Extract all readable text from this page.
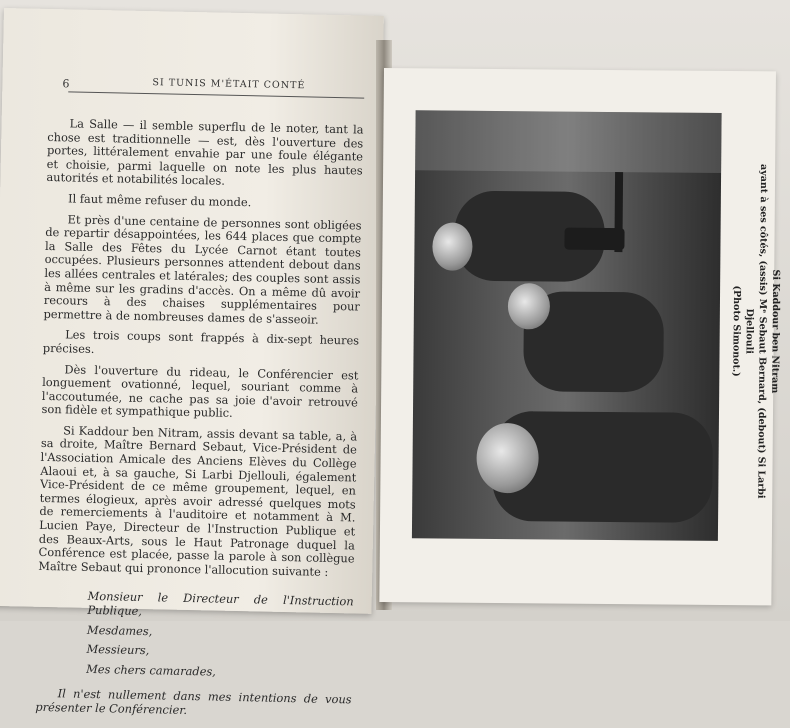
6	SI TUNIS M'ÉTAIT CONTÉ

La Salle — il semble superflu de le noter, tant la chose est traditionnelle — est, dès l'ouverture des portes, littéralement envahie par une foule élégante et choisie, parmi laquelle on note les plus hautes autorités et notabilités locales.

Il faut même refuser du monde.

Et près d'une centaine de personnes sont obligées de repartir désappointées, les 644 places que compte la Salle des Fêtes du Lycée Carnot étant toutes occupées. Plusieurs personnes attendent debout dans les allées centrales et latérales; des couples sont assis à même sur les gradins d'accès. On a même dû avoir recours à des chaises supplémentaires pour permettre à de nombreuses dames de s'asseoir.

Les trois coups sont frappés à dix-sept heures précises.

Dès l'ouverture du rideau, le Conférencier est longuement ovationné, lequel, souriant comme à l'accoutumée, ne cache pas sa joie d'avoir retrouvé son fidèle et sympathique public.

Si Kaddour ben Nitram, assis devant sa table, a, à sa droite, Maître Bernard Sebaut, Vice-Président de l'Association Amicale des Anciens Elèves du Collège Alaoui et, à sa gauche, Si Larbi Djellouli, également Vice-Président de ce même groupement, lequel, en termes élogieux, après avoir adressé quelques mots de remerciements à l'auditoire et notamment à M. Lucien Paye, Directeur de l'Instruction Publique et des Beaux-Arts, sous le Haut Patronage duquel la Conférence est placée, passe la parole à son collègue Maître Sebaut qui prononce l'allocution suivante :

Monsieur le Directeur de l'Instruction Publique,
Mesdames,
Messieurs,
Mes chers camarades,

Il n'est nullement dans mes intentions de vous présenter le Conférencier.

Si Kaddour ben Nitram
ayant à ses côtés, (assis) Mᵉ Sebaut Bernard, (debout) Si Larbi Djellouli
(Photo Simonot.)
